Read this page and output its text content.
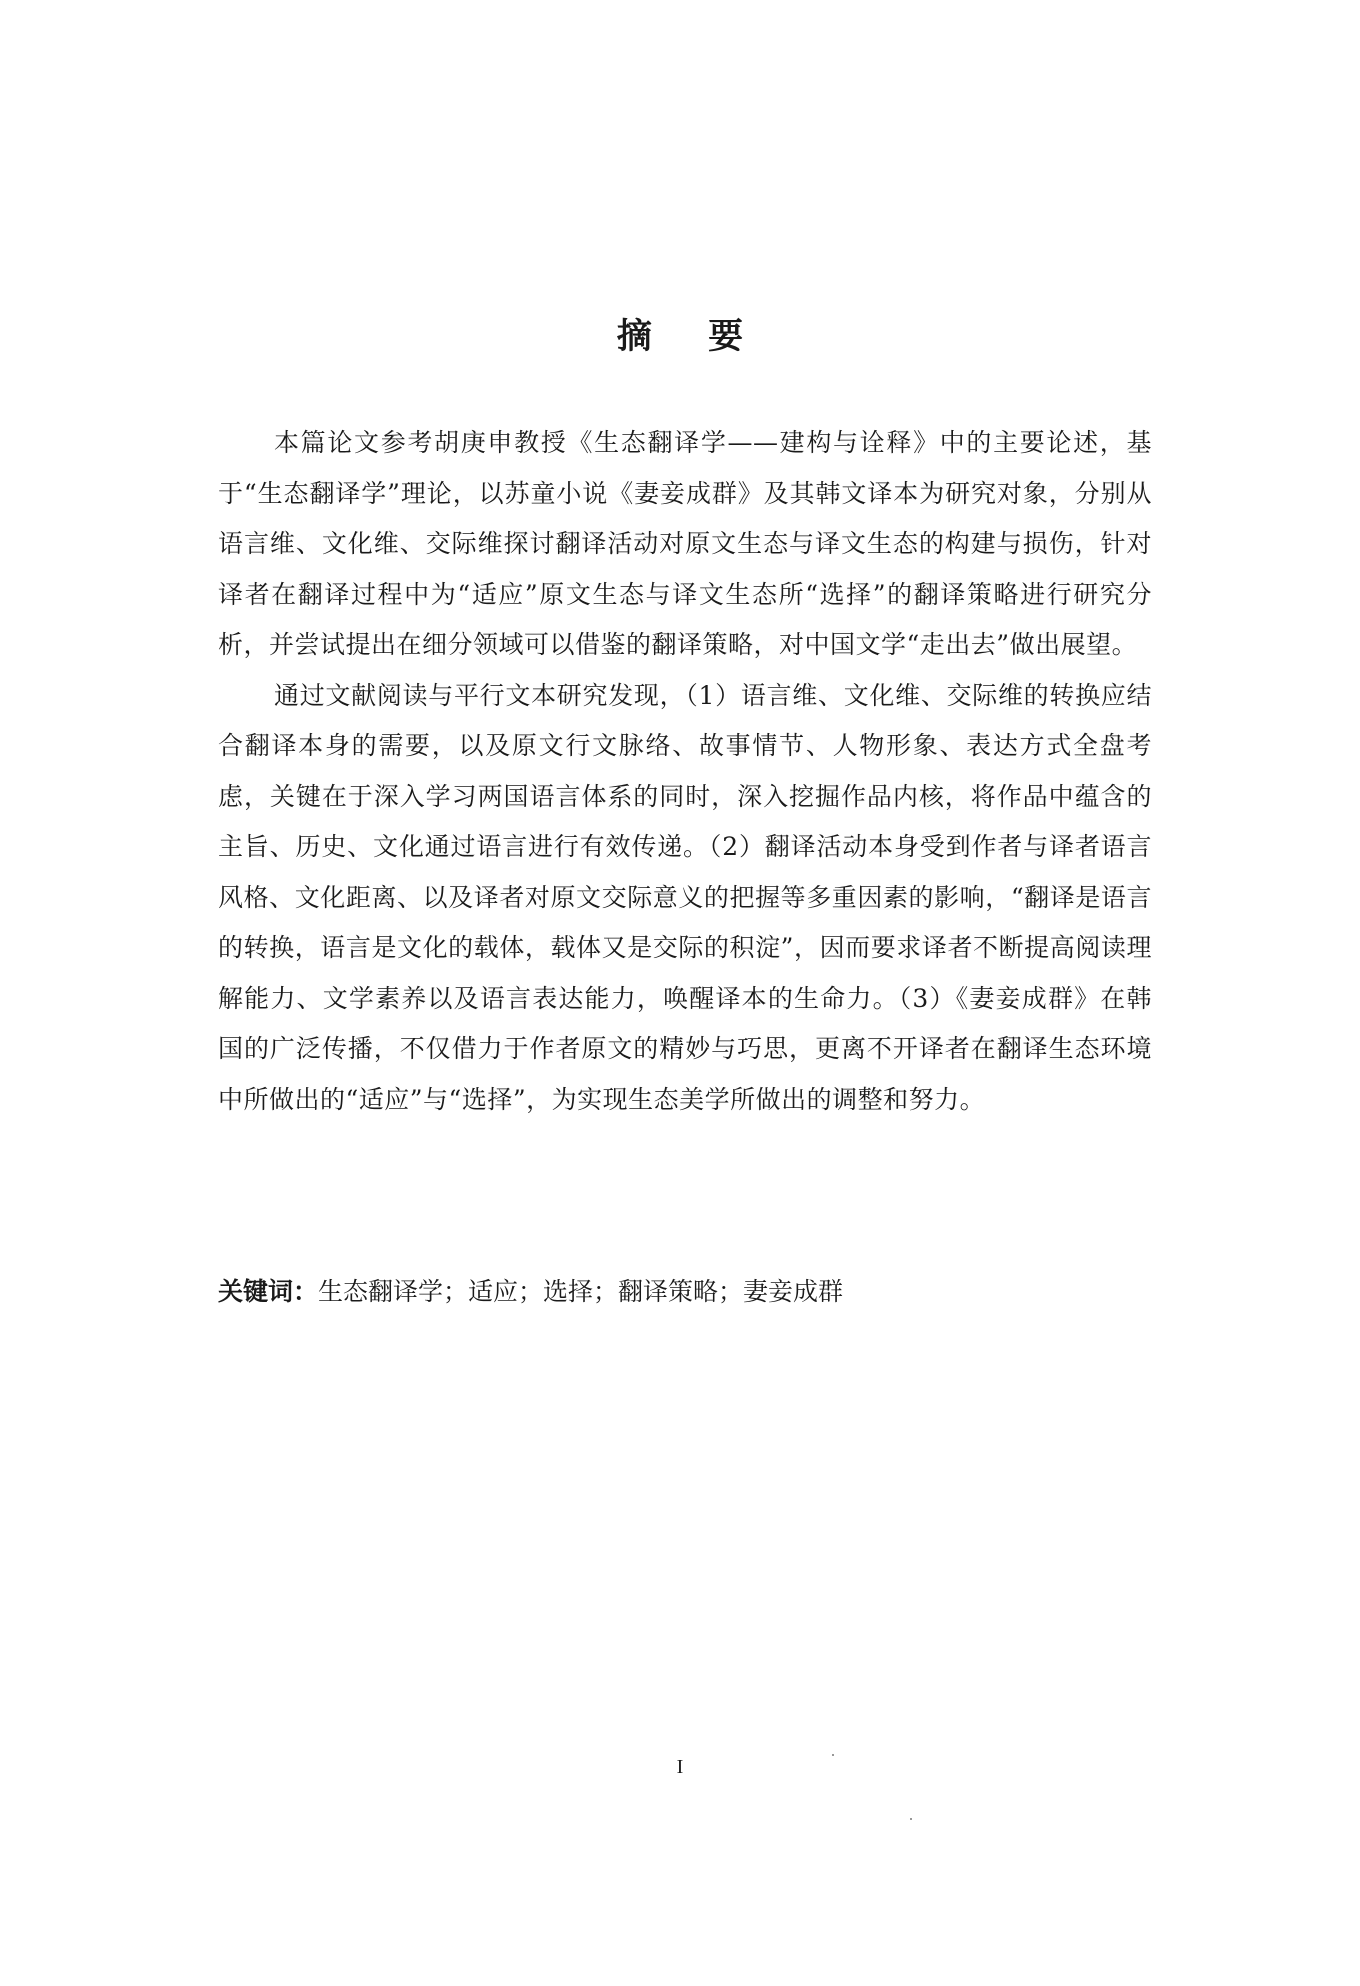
摘 要

本篇论文参考胡庚申教授《生态翻译学——建构与诠释》中的主要论述，基于“生态翻译学”理论，以苏童小说《妻妾成群》及其韩文译本为研究对象，分别从语言维、文化维、交际维探讨翻译活动对原文生态与译文生态的构建与损伤，针对译者在翻译过程中为“适应”原文生态与译文生态所“选择”的翻译策略进行研究分析，并尝试提出在细分领域可以借鉴的翻译策略，对中国文学“走出去”做出展望。

通过文献阅读与平行文本研究发现，（1）语言维、文化维、交际维的转换应结合翻译本身的需要，以及原文行文脉络、故事情节、人物形象、表达方式全盘考虑，关键在于深入学习两国语言体系的同时，深入挖掘作品内核，将作品中蕴含的主旨、历史、文化通过语言进行有效传递。（2）翻译活动本身受到作者与译者语言风格、文化距离、以及译者对原文交际意义的把握等多重因素的影响，“翻译是语言的转换，语言是文化的载体，载体又是交际的积淀”，因而要求译者不断提高阅读理解能力、文学素养以及语言表达能力，唤醒译本的生命力。（3）《妻妾成群》在韩国的广泛传播，不仅借力于作者原文的精妙与巧思，更离不开译者在翻译生态环境中所做出的“适应”与“选择”，为实现生态美学所做出的调整和努力。

关键词：生态翻译学；适应；选择；翻译策略；妻妾成群

I
